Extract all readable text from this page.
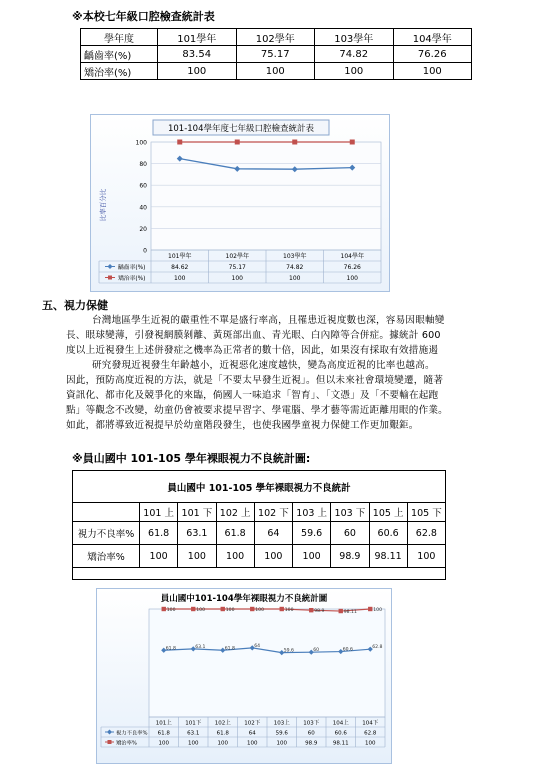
※本校七年級口腔檢查統計表
學年度	101學年	102學年	103學年	104學年
齲齒率(%)	83.54	75.17	74.82	76.26
矯治率(%)	100	100	100	100
101-104學年度七年級口腔檢查統計表
比率百分比
100
80
60
40
20
0
101學年	102學年	103學年	104學年
齲齒率(%)	84.62	75.17	74.82	76.26
矯治率(%)	100	100	100	100
五、視力保健
台灣地區學生近視的嚴重性不單是盛行率高，且罹患近視度數也深，容易因眼軸變
長、眼球變薄，引發視網膜剝離、黃斑部出血、青光眼、白內障等合併症。據統計 600
度以上近視發生上述併發症之機率為正常者的數十倍，因此，如果沒有採取有效措施遏
研究發現近視發生年齡越小，近視惡化速度越快，變為高度近視的比率也越高。
因此，預防高度近視的方法，就是「不要太早發生近視」。但以未來社會環境變遷，隨著
資訊化、都市化及競爭化的來臨，倘國人一味追求「智育」、「文憑」及「不要輸在起跑
點」等觀念不改變，幼童仍會被要求提早習字、學電腦、學才藝等需近距離用眼的作業。
如此，都將導致近視提早於幼童階段發生，也使我國學童視力保健工作更加艱鉅。
※員山國中 101-105 學年裸眼視力不良統計圖:
員山國中 101-105 學年裸眼視力不良統計
	101 上	101 下	102 上	102 下	103 上	103 下	105 上	105 下
視力不良率%	61.8	63.1	61.8	64	59.6	60	60.6	62.8
矯治率%	100	100	100	100	100	98.9	98.11	100
員山國中101-104學年裸眼視力不良統計圖
101上 101下 102上 102下 103上 103下 104上 104下
視力不良率% 61.8	63.1	61.8	64	59.6	60	60.6	62.8
61.8	63.1	61.8	64
59.6	60	60.6	62.8
矯治率%	100	100	100	100	100	98.9	98.11	100
100	100	100	100	100	98.9	98.11	100
